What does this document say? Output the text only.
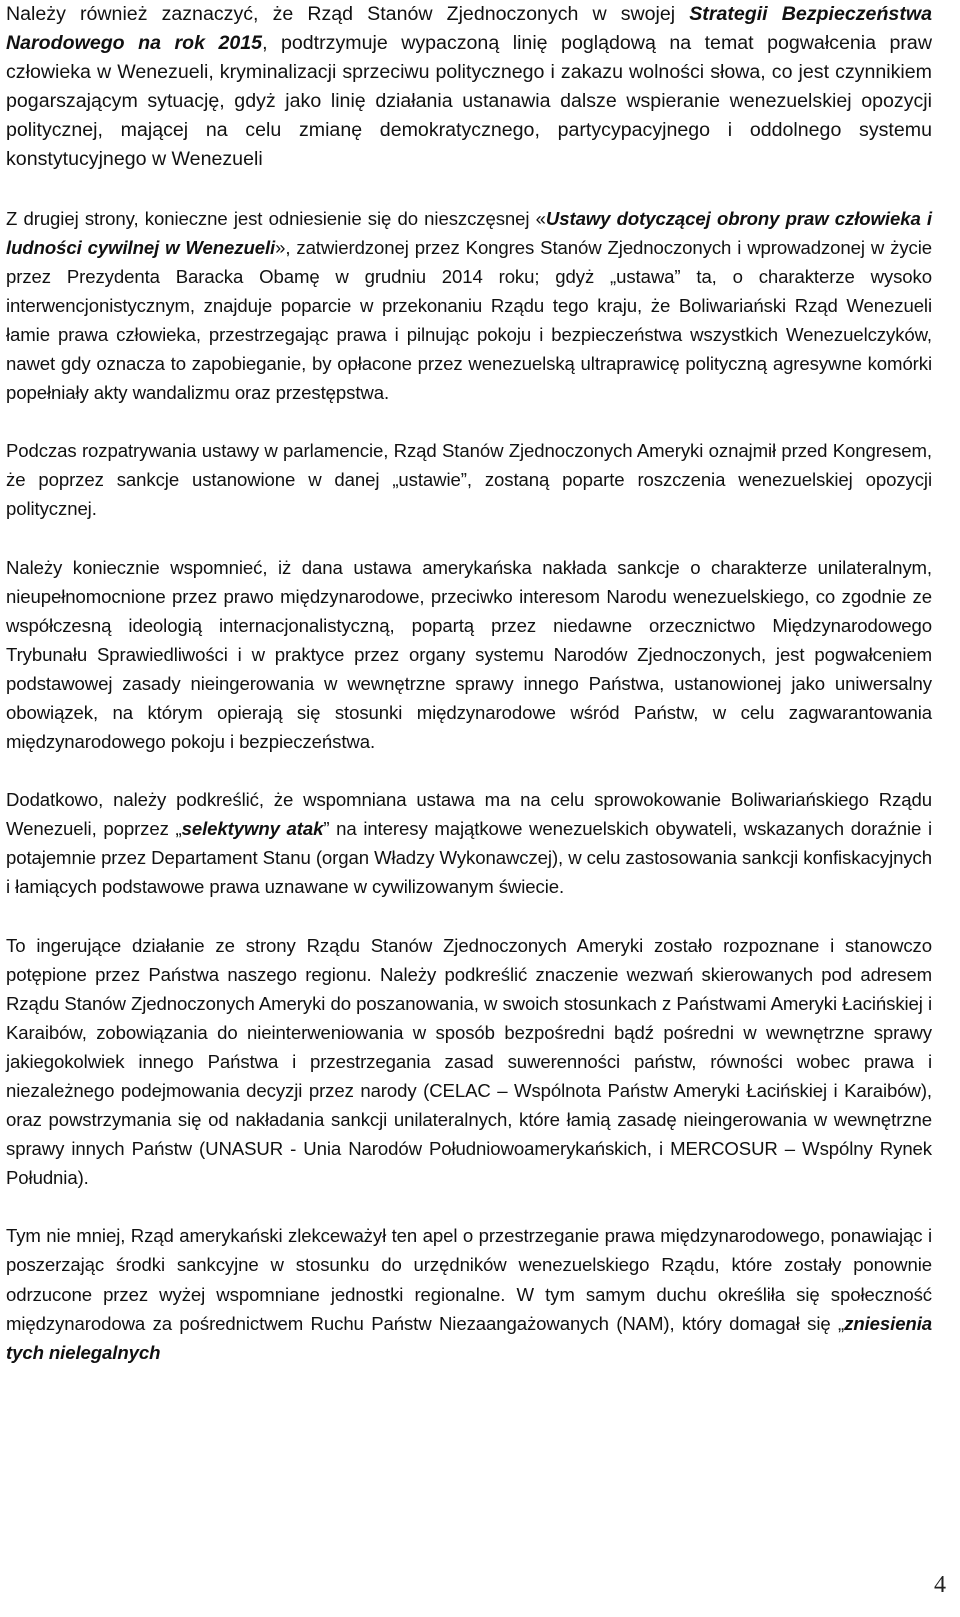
Należy również zaznaczyć, że Rząd Stanów Zjednoczonych w swojej Strategii Bezpieczeństwa Narodowego na rok 2015, podtrzymuje wypaczoną linię poglądową na temat pogwałcenia praw człowieka w Wenezueli, kryminalizacji sprzeciwu politycznego i zakazu wolności słowa, co jest czynnikiem pogarszającym sytuację, gdyż jako linię działania ustanawia dalsze wspieranie wenezuelskiej opozycji politycznej, mającej na celu zmianę demokratycznego, partycypacyjnego i oddolnego systemu konstytucyjnego w Wenezueli

Z drugiej strony, konieczne jest odniesienie się do nieszczęsnej «Ustawy dotyczącej obrony praw człowieka i ludności cywilnej w Wenezueli», zatwierdzonej przez Kongres Stanów Zjednoczonych i wprowadzonej w życie przez Prezydenta Baracka Obamę w grudniu 2014 roku; gdyż „ustawa” ta, o charakterze wysoko interwencjonistycznym, znajduje poparcie w przekonaniu Rządu tego kraju, że Boliwariański Rząd Wenezueli łamie prawa człowieka, przestrzegając prawa i pilnując pokoju i bezpieczeństwa wszystkich Wenezuelczyków, nawet gdy oznacza to zapobieganie, by opłacone przez wenezuelską ultraprawicę polityczną agresywne komórki popełniały akty wandalizmu oraz przestępstwa.

Podczas rozpatrywania ustawy w parlamencie, Rząd Stanów Zjednoczonych Ameryki oznajmił przed Kongresem, że poprzez sankcje ustanowione w danej „ustawie”, zostaną poparte roszczenia wenezuelskiej opozycji politycznej.

Należy koniecznie wspomnieć, iż dana ustawa amerykańska nakłada sankcje o charakterze unilateralnym, nieupełnomocnione przez prawo międzynarodowe, przeciwko interesom Narodu wenezuelskiego, co zgodnie ze współczesną ideologią internacjonalistyczną, popartą przez niedawne orzecznictwo Międzynarodowego Trybunału Sprawiedliwości i w praktyce przez organy systemu Narodów Zjednoczonych, jest pogwałceniem podstawowej zasady nieingerowania w wewnętrzne sprawy innego Państwa, ustanowionej jako uniwersalny obowiązek, na którym opierają się stosunki międzynarodowe wśród Państw, w celu zagwarantowania międzynarodowego pokoju i bezpieczeństwa.

Dodatkowo, należy podkreślić, że wspomniana ustawa ma na celu sprowokowanie Boliwariańskiego Rządu Wenezueli, poprzez „selektywny atak” na interesy majątkowe wenezuelskich obywateli, wskazanych doraźnie i potajemnie przez Departament Stanu (organ Władzy Wykonawczej), w celu zastosowania sankcji konfiskacyjnych i łamiących podstawowe prawa uznawane w cywilizowanym świecie.

To ingerujące działanie ze strony Rządu Stanów Zjednoczonych Ameryki zostało rozpoznane i stanowczo potępione przez Państwa naszego regionu. Należy podkreślić znaczenie wezwań skierowanych pod adresem Rządu Stanów Zjednoczonych Ameryki do poszanowania, w swoich stosunkach z Państwami Ameryki Łacińskiej i Karaibów, zobowiązania do nieinterweniowania w sposób bezpośredni bądź pośredni w wewnętrzne sprawy jakiegokolwiek innego Państwa i przestrzegania zasad suwerenności państw, równości wobec prawa i niezależnego podejmowania decyzji przez narody (CELAC – Wspólnota Państw Ameryki Łacińskiej i Karaibów), oraz powstrzymania się od nakładania sankcji unilateralnych, które łamią zasadę nieingerowania w wewnętrzne sprawy innych Państw (UNASUR - Unia Narodów Południowoamerykańskich, i MERCOSUR – Wspólny Rynek Południa).

Tym nie mniej, Rząd amerykański zlekceważył ten apel o przestrzeganie prawa międzynarodowego, ponawiając i poszerzając środki sankcyjne w stosunku do urzędników wenezuelskiego Rządu, które zostały ponownie odrzucone przez wyżej wspomniane jednostki regionalne. W tym samym duchu określiła się społeczność międzynarodowa za pośrednictwem Ruchu Państw Niezaangażowanych (NAM), który domagał się „zniesienia tych nielegalnych

4
